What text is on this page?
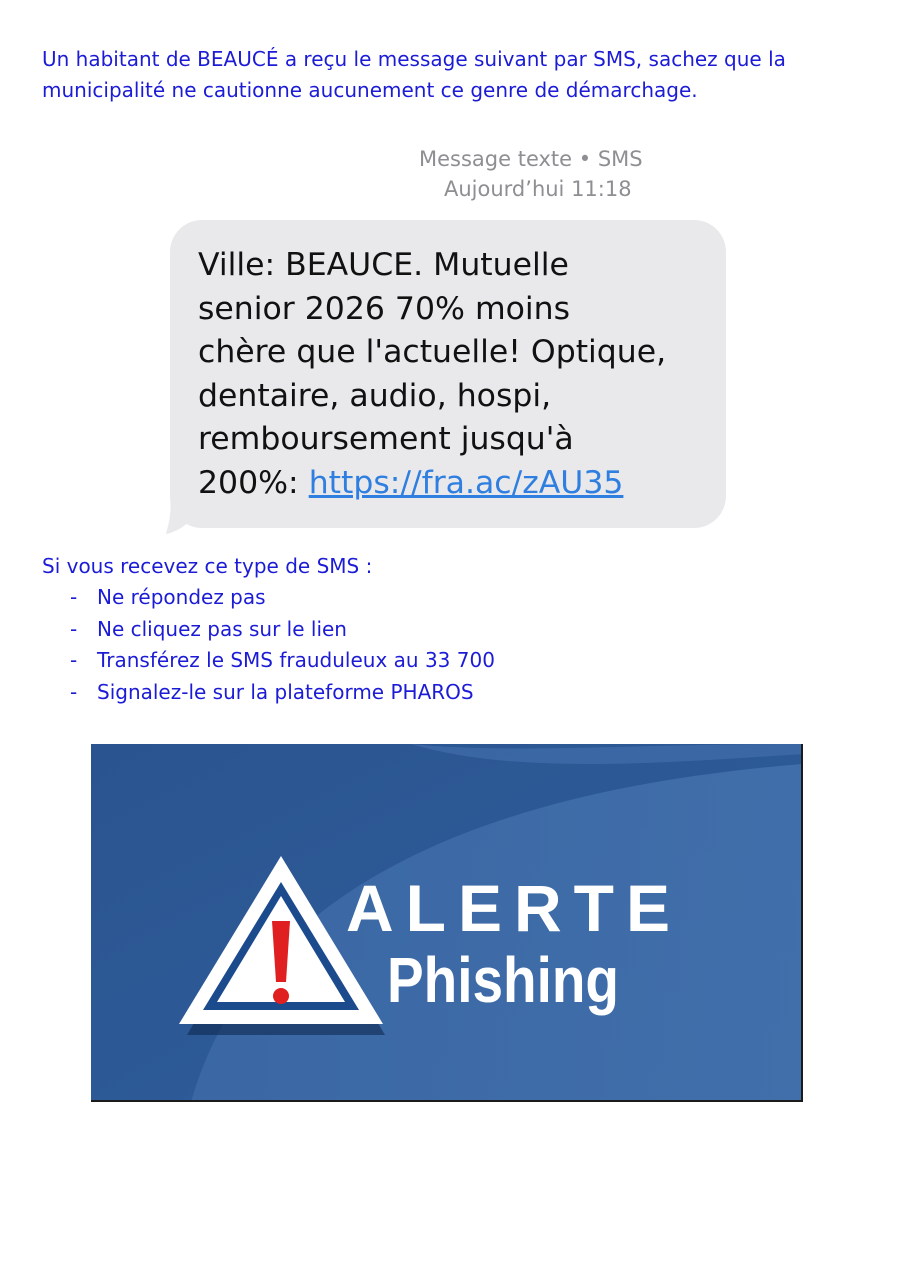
Un habitant de BEAUCÉ a reçu le message suivant par SMS, sachez que la municipalité ne cautionne aucunement ce genre de démarchage.

Message texte • SMS
Aujourd’hui 11:18
Ville: BEAUCE. Mutuelle
senior 2026 70% moins
chère que l'actuelle! Optique,
dentaire, audio, hospi,
remboursement jusqu'à
200%: https://fra.ac/zAU35

Si vous recevez ce type de SMS :

- Ne répondez pas
- Ne cliquez pas sur le lien
- Transférez le SMS frauduleux au 33 700
- Signalez-le sur la plateforme PHAROS
ALERTE
Phishing
